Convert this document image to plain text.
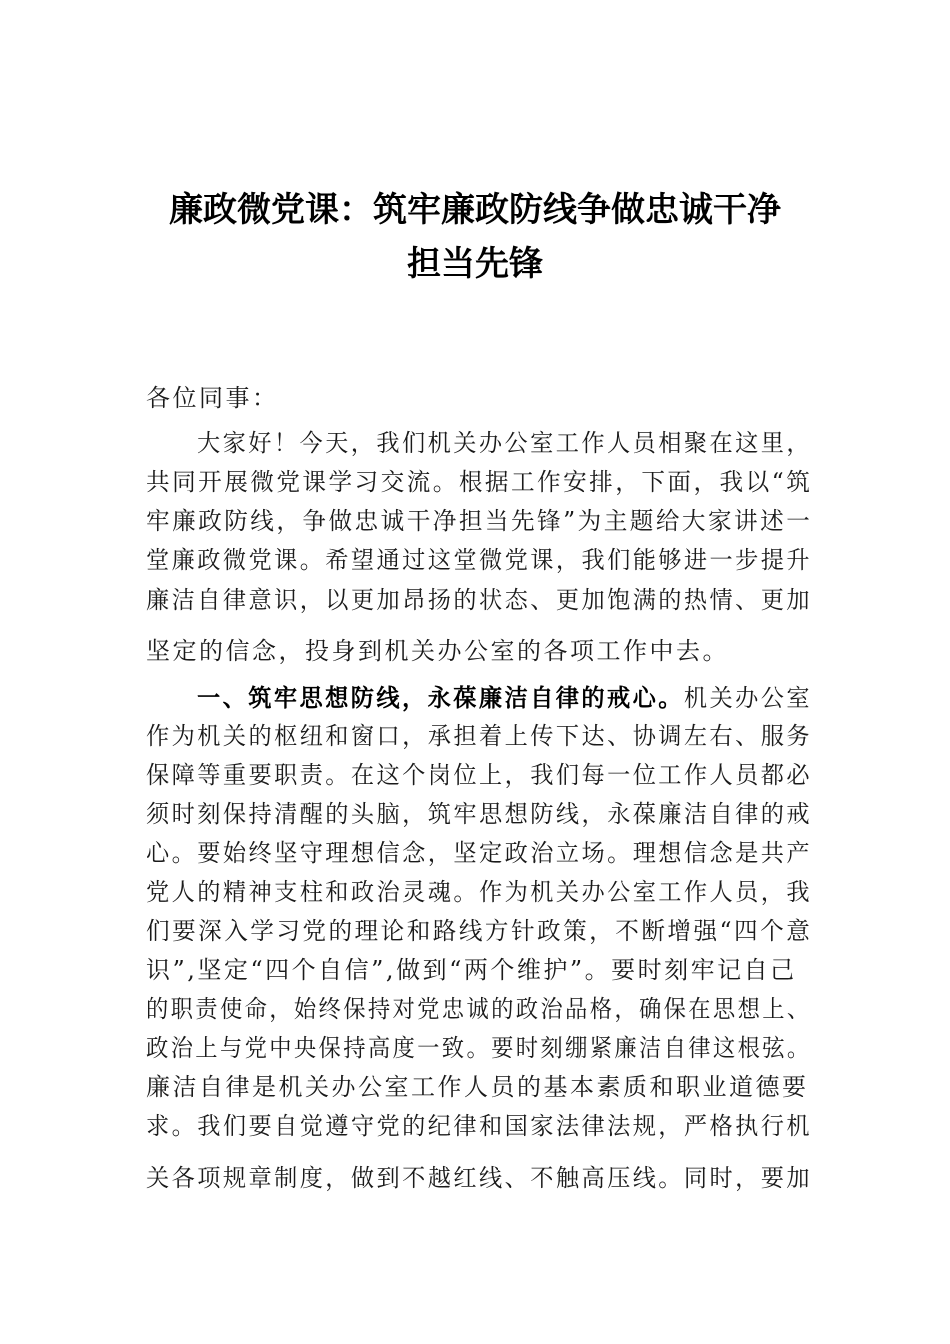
廉政微党课：筑牢廉政防线争做忠诚干净
担当先锋
各位同事：
大家好！今天，我们机关办公室工作人员相聚在这里，
共同开展微党课学习交流。根据工作安排，下面，我以“筑
牢廉政防线，争做忠诚干净担当先锋”为主题给大家讲述一
堂廉政微党课。希望通过这堂微党课，我们能够进一步提升
廉洁自律意识，以更加昂扬的状态、更加饱满的热情、更加
坚定的信念，投身到机关办公室的各项工作中去。
一、筑牢思想防线，永葆廉洁自律的戒心。机关办公室
作为机关的枢纽和窗口，承担着上传下达、协调左右、服务
保障等重要职责。在这个岗位上，我们每一位工作人员都必
须时刻保持清醒的头脑，筑牢思想防线，永葆廉洁自律的戒
心。要始终坚守理想信念，坚定政治立场。理想信念是共产
党人的精神支柱和政治灵魂。作为机关办公室工作人员，我
们要深入学习党的理论和路线方针政策，不断增强“四个意
识”,坚定“四个自信”,做到“两个维护”。要时刻牢记自己
的职责使命，始终保持对党忠诚的政治品格，确保在思想上、
政治上与党中央保持高度一致。要时刻绷紧廉洁自律这根弦。
廉洁自律是机关办公室工作人员的基本素质和职业道德要
求。我们要自觉遵守党的纪律和国家法律法规，严格执行机
关各项规章制度，做到不越红线、不触高压线。同时，要加
